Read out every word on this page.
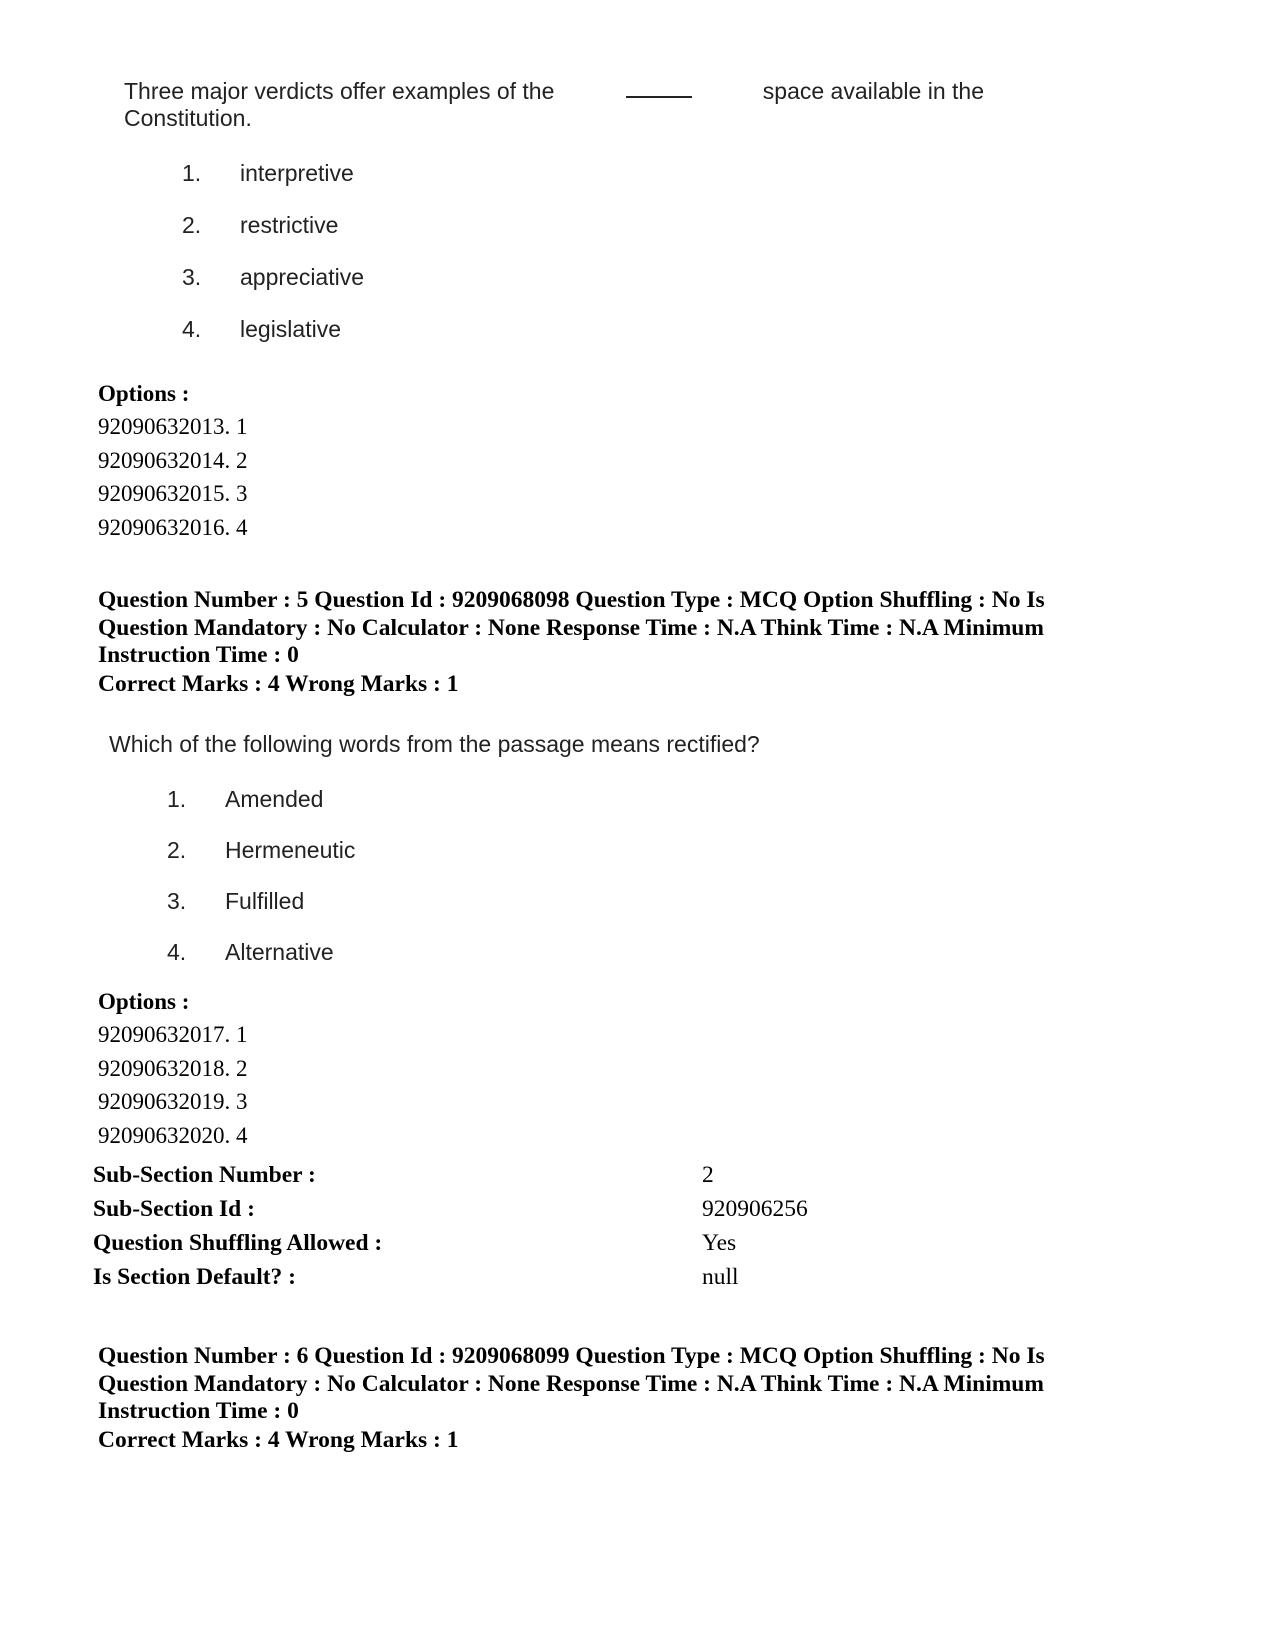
Three major verdicts offer examples of the	space available in the
Constitution.
1.	interpretive
2.	restrictive
3.	appreciative
4.	legislative
Options :
92090632013. 1
92090632014. 2
92090632015. 3
92090632016. 4
Question Number : 5 Question Id : 9209068098 Question Type : MCQ Option Shuffling : No Is
Question Mandatory : No Calculator : None Response Time : N.A Think Time : N.A Minimum
Instruction Time : 0
Correct Marks : 4 Wrong Marks : 1
Which of the following words from the passage means rectified?
1.	Amended
2.	Hermeneutic
3.	Fulfilled
4.	Alternative
Options :
92090632017. 1
92090632018. 2
92090632019. 3
92090632020. 4
Sub-Section Number :	2
Sub-Section Id :	920906256
Question Shuffling Allowed :	Yes
Is Section Default? :	null
Question Number : 6 Question Id : 9209068099 Question Type : MCQ Option Shuffling : No Is
Question Mandatory : No Calculator : None Response Time : N.A Think Time : N.A Minimum
Instruction Time : 0
Correct Marks : 4 Wrong Marks : 1
